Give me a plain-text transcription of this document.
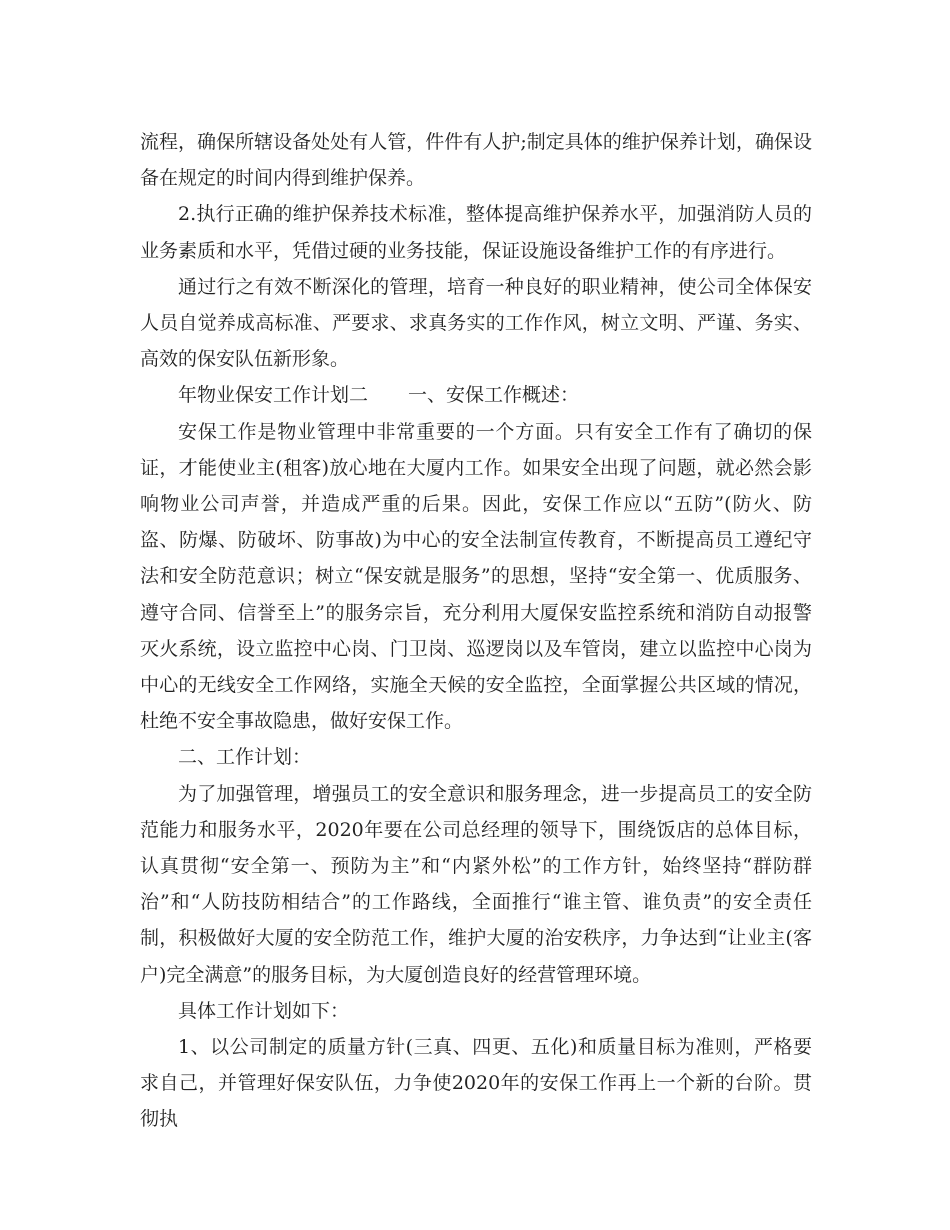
流程，确保所辖设备处处有人管，件件有人护;制定具体的维护保养计划，确保设备在规定的时间内得到维护保养。

2.执行正确的维护保养技术标准，整体提高维护保养水平，加强消防人员的业务素质和水平，凭借过硬的业务技能，保证设施设备维护工作的有序进行。

通过行之有效不断深化的管理，培育一种良好的职业精神，使公司全体保安人员自觉养成高标准、严要求、求真务实的工作作风，树立文明、严谨、务实、高效的保安队伍新形象。

年物业保安工作计划二 一、安保工作概述：

安保工作是物业管理中非常重要的一个方面。只有安全工作有了确切的保证，才能使业主(租客)放心地在大厦内工作。如果安全出现了问题，就必然会影响物业公司声誉，并造成严重的后果。因此，安保工作应以“五防”(防火、防盗、防爆、防破坏、防事故)为中心的安全法制宣传教育，不断提高员工遵纪守法和安全防范意识；树立“保安就是服务”的思想，坚持“安全第一、优质服务、遵守合同、信誉至上”的服务宗旨，充分利用大厦保安监控系统和消防自动报警灭火系统，设立监控中心岗、门卫岗、巡逻岗以及车管岗，建立以监控中心岗为中心的无线安全工作网络，实施全天候的安全监控，全面掌握公共区域的情况，杜绝不安全事故隐患，做好安保工作。

二、工作计划：

为了加强管理，增强员工的安全意识和服务理念，进一步提高员工的安全防范能力和服务水平，2020年要在公司总经理的领导下，围绕饭店的总体目标，认真贯彻“安全第一、预防为主”和“内紧外松”的工作方针，始终坚持“群防群治”和“人防技防相结合”的工作路线，全面推行“谁主管、谁负责”的安全责任制，积极做好大厦的安全防范工作，维护大厦的治安秩序，力争达到“让业主(客户)完全满意”的服务目标，为大厦创造良好的经营管理环境。

具体工作计划如下：

1、以公司制定的质量方针(三真、四更、五化)和质量目标为准则，严格要求自己，并管理好保安队伍，力争使2020年的安保工作再上一个新的台阶。贯彻执
